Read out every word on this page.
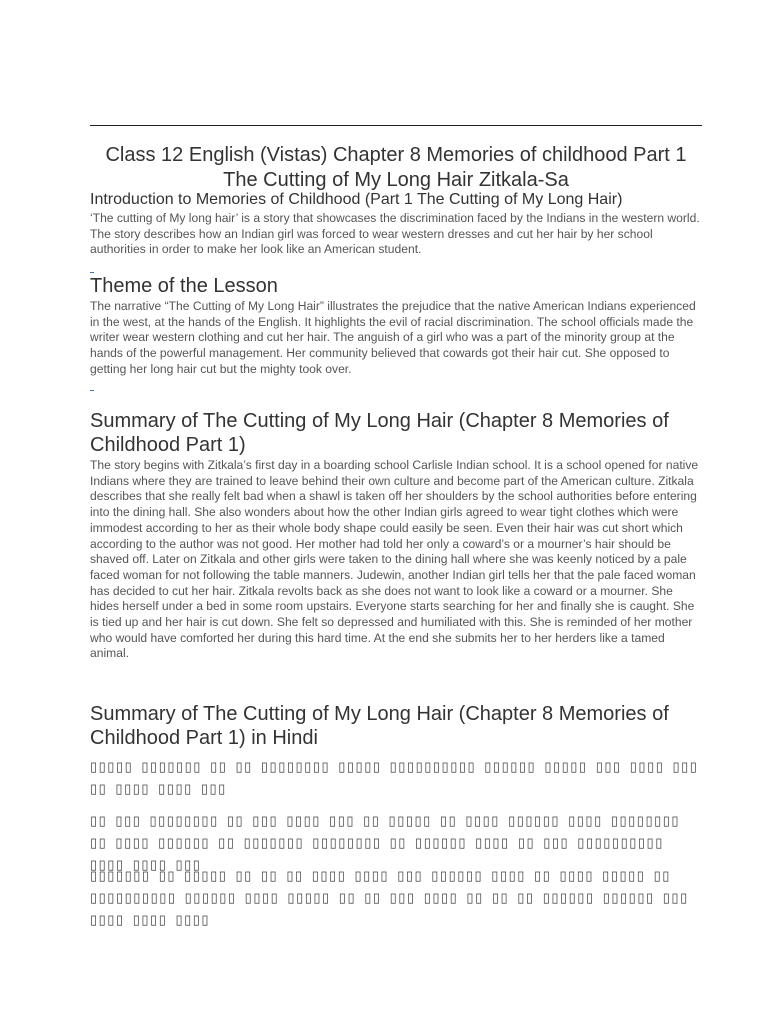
Class 12 English (Vistas) Chapter 8 Memories of childhood Part 1 The Cutting of My Long Hair Zitkala-Sa
Introduction to Memories of Childhood (Part 1 The Cutting of My Long Hair)
‘The cutting of My long hair’ is a story that showcases the discrimination faced by the Indians in the western world. The story describes how an Indian girl was forced to wear western dresses and cut her hair by her school authorities in order to make her look like an American student.
Theme of the Lesson
The narrative “The Cutting of My Long Hair” illustrates the prejudice that the native American Indians experienced in the west, at the hands of the English. It highlights the evil of racial discrimination. The school officials made the writer wear western clothing and cut her hair. The anguish of a girl who was a part of the minority group at the hands of the powerful management. Her community believed that cowards got their hair cut. She opposed to getting her long hair cut but the mighty took over.
Summary of The Cutting of My Long Hair (Chapter 8 Memories of Childhood Part 1)
The story begins with Zitkala’s first day in a boarding school Carlisle Indian school. It is a school opened for native Indians where they are trained to leave behind their own culture and become part of the American culture. Zitkala describes that she really felt bad when a shawl is taken off her shoulders by the school authorities before entering into the dining hall. She also wonders about how the other Indian girls agreed to wear tight clothes which were immodest according to her as their whole body shape could easily be seen. Even their hair was cut short which according to the author was not good. Her mother had told her only a coward’s or a mourner’s hair should be shaved off. Later on Zitkala and other girls were taken to the dining hall where she was keenly noticed by a pale faced woman for not following the table manners. Judewin, another Indian girl tells her that the pale faced woman has decided to cut her hair. Zitkala revolts back as she does not want to look like a coward or a mourner. She hides herself under a bed in some room upstairs. Everyone starts searching for her and finally she is caught. She is tied up and her hair is cut down. She felt so depressed and humiliated with this. She is reminded of her mother who would have comforted her during this hard time. At the end she submits her to her herders like a tamed animal.
Summary of The Cutting of My Long Hair (Chapter 8 Memories of Childhood Part 1) in Hindi
▯▯▯▯▯ ▯▯▯▯▯▯▯ ▯▯ ▯▯ ▯▯▯▯▯▯▯▯ ▯▯▯▯▯ ▯▯▯▯▯▯▯▯▯▯ ▯▯▯▯▯▯ ▯▯▯▯▯ ▯▯▯ ▯▯▯▯ ▯▯▯ ▯▯ ▯▯▯▯ ▯▯▯▯ ▯▯▯
▯▯ ▯▯▯ ▯▯▯▯▯▯▯▯ ▯▯ ▯▯▯ ▯▯▯▯ ▯▯▯ ▯▯ ▯▯▯▯▯ ▯▯ ▯▯▯▯ ▯▯▯▯▯▯ ▯▯▯▯ ▯▯▯▯▯▯▯▯ ▯▯ ▯▯▯▯ ▯▯▯▯▯▯ ▯▯ ▯▯▯▯▯▯▯ ▯▯▯▯▯▯▯▯ ▯▯ ▯▯▯▯▯▯ ▯▯▯▯ ▯▯ ▯▯▯ ▯▯▯▯▯▯▯▯▯▯ ▯▯▯▯ ▯▯▯▯ ▯▯▯
▯▯▯▯▯▯▯ ▯▯ ▯▯▯▯▯ ▯▯ ▯▯ ▯▯ ▯▯▯▯ ▯▯▯▯ ▯▯▯ ▯▯▯▯▯▯ ▯▯▯▯ ▯▯ ▯▯▯▯ ▯▯▯▯▯ ▯▯ ▯▯▯▯▯▯▯▯▯▯ ▯▯▯▯▯▯ ▯▯▯▯ ▯▯▯▯▯ ▯▯ ▯▯ ▯▯▯ ▯▯▯▯ ▯▯ ▯▯ ▯▯ ▯▯▯▯▯▯ ▯▯▯▯▯▯ ▯▯▯ ▯▯▯▯ ▯▯▯▯ ▯▯▯▯
